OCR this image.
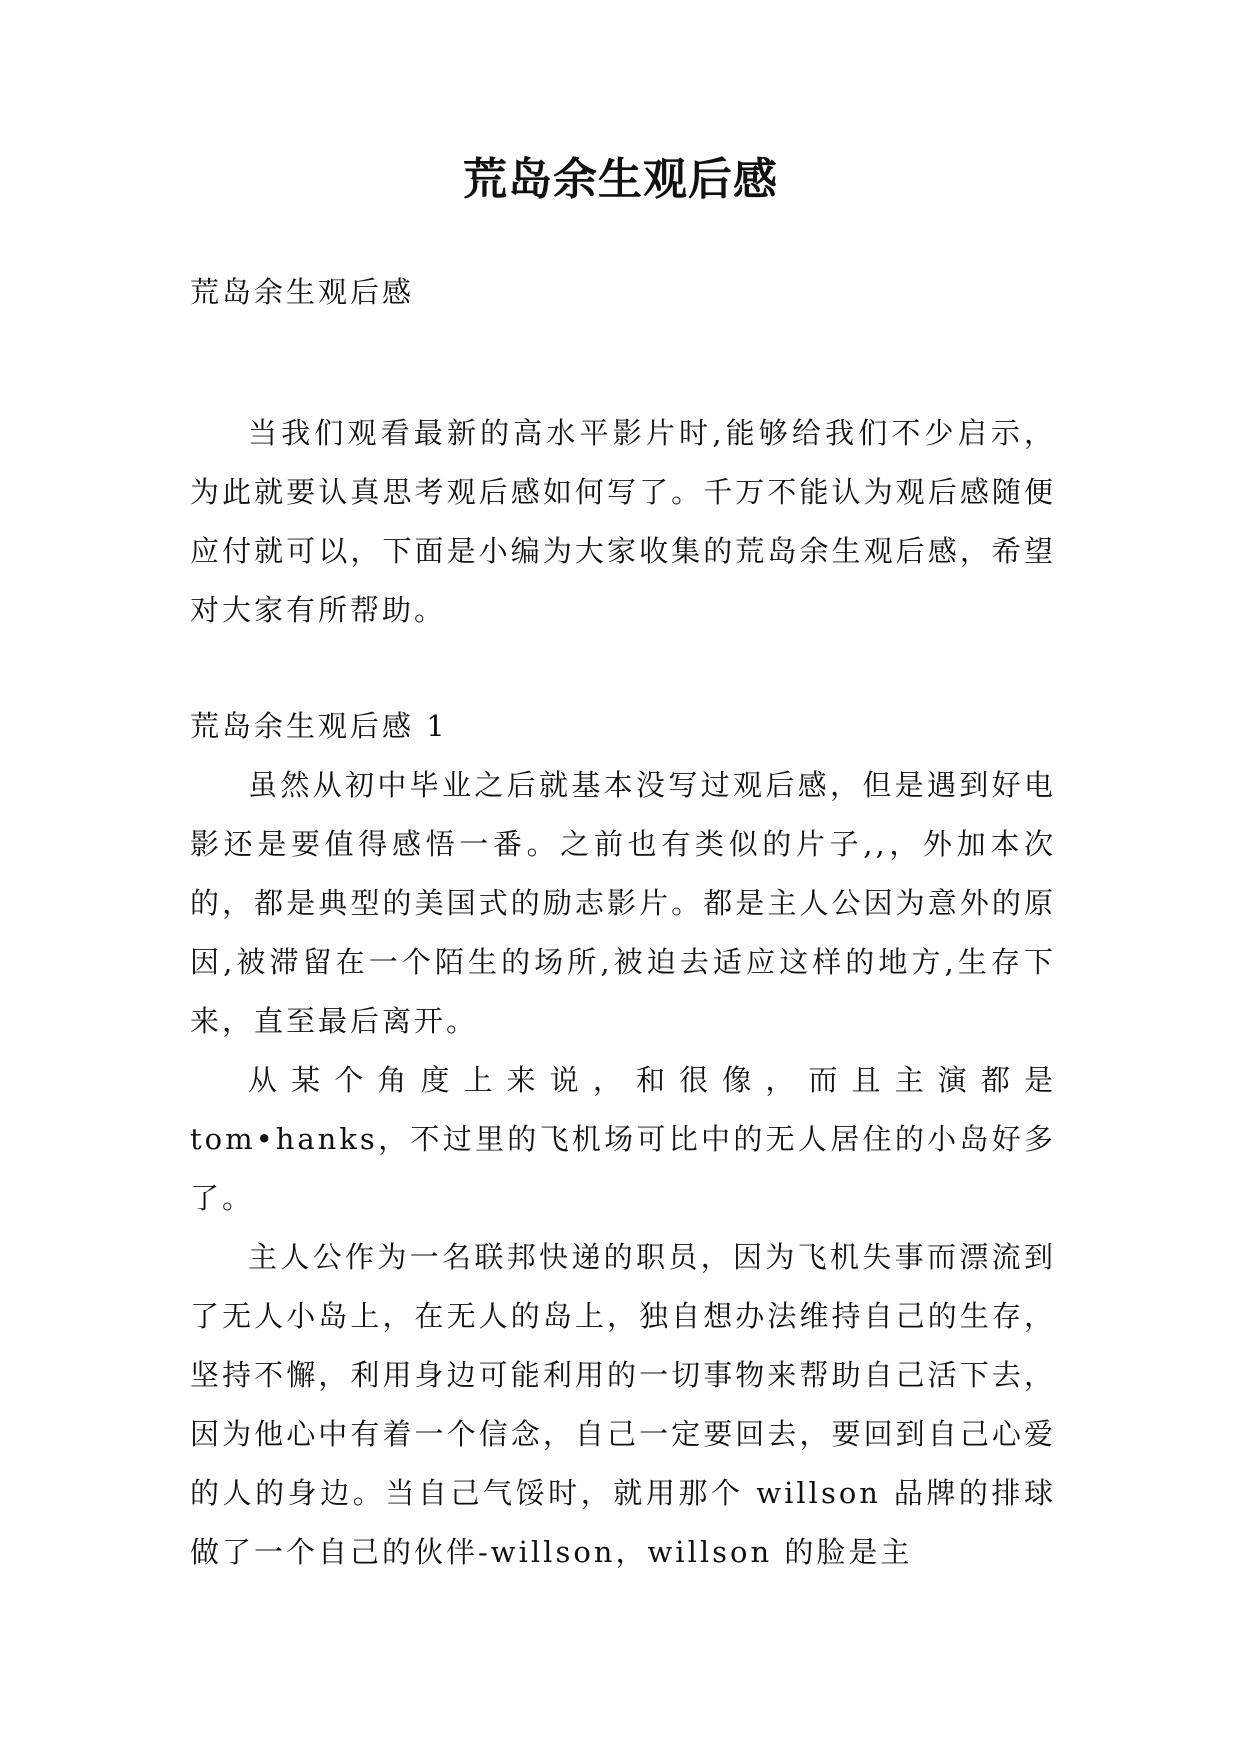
荒岛余生观后感
荒岛余生观后感

当我们观看最新的高水平影片时,能够给我们不少启示，为此就要认真思考观后感如何写了。千万不能认为观后感随便应付就可以，下面是小编为大家收集的荒岛余生观后感，希望对大家有所帮助。

荒岛余生观后感 1

虽然从初中毕业之后就基本没写过观后感，但是遇到好电影还是要值得感悟一番。之前也有类似的片子,,，外加本次的，都是典型的美国式的励志影片。都是主人公因为意外的原因,被滞留在一个陌生的场所,被迫去适应这样的地方,生存下来，直至最后离开。

从某个角度上来说，和很像，而且主演都是 tom•hanks，不过里的飞机场可比中的无人居住的小岛好多了。

主人公作为一名联邦快递的职员，因为飞机失事而漂流到了无人小岛上，在无人的岛上，独自想办法维持自己的生存，坚持不懈，利用身边可能利用的一切事物来帮助自己活下去，因为他心中有着一个信念，自己一定要回去，要回到自己心爱的人的身边。当自己气馁时，就用那个 willson 品牌的排球做了一个自己的伙伴-willson，willson 的脸是主
